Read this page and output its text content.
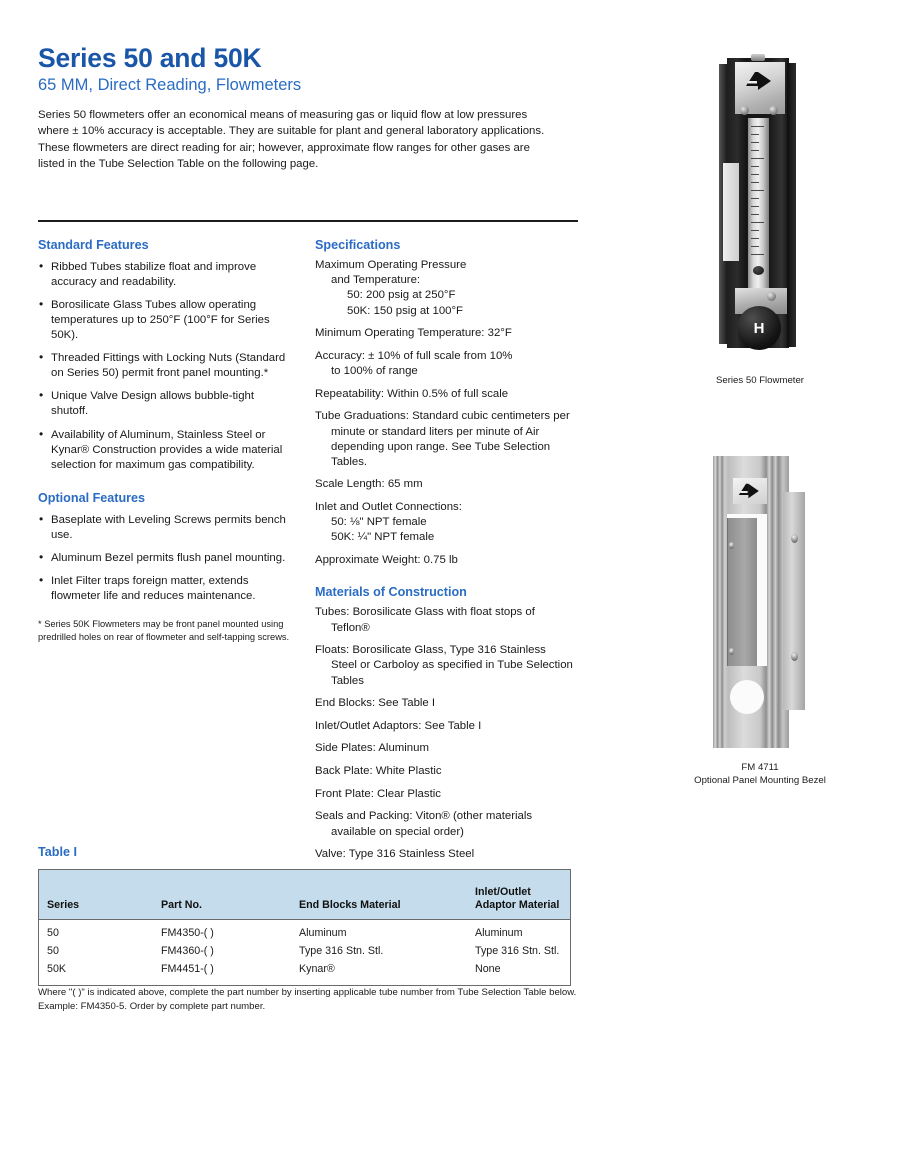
Series 50 and 50K
65 MM, Direct Reading, Flowmeters

Series 50 flowmeters offer an economical means of measuring gas or liquid flow at low pressures where ± 10% accuracy is acceptable. They are suitable for plant and general laboratory applications. These flowmeters are direct reading for air; however, approximate flow ranges for other gases are listed in the Tube Selection Table on the following page.

Standard Features
• Ribbed Tubes stabilize float and improve accuracy and readability.
• Borosilicate Glass Tubes allow operating temperatures up to 250°F (100°F for Series 50K).
• Threaded Fittings with Locking Nuts (Standard on Series 50) permit front panel mounting.*
• Unique Valve Design allows bubble-tight shutoff.
• Availability of Aluminum, Stainless Steel or Kynar® Construction provides a wide material selection for maximum gas compatibility.
Optional Features
• Baseplate with Leveling Screws permits bench use.
• Aluminum Bezel permits flush panel mounting.
• Inlet Filter traps foreign matter, extends flowmeter life and reduces maintenance.
* Series 50K Flowmeters may be front panel mounted using predrilled holes on rear of flowmeter and self-tapping screws.
Specifications
Maximum Operating Pressure
and Temperature:
50: 200 psig at 250°F
50K: 150 psig at 100°F
Minimum Operating Temperature: 32°F
Accuracy: ± 10% of full scale from 10%
to 100% of range
Repeatability: Within 0.5% of full scale
Tube Graduations: Standard cubic centimeters per minute or standard liters per minute of Air depending upon range. See Tube Selection Tables.
Scale Length: 65 mm
Inlet and Outlet Connections:
50: ⅛" NPT female
50K: ¼" NPT female
Approximate Weight: 0.75 lb
Materials of Construction
Tubes: Borosilicate Glass with float stops of Teflon®
Floats: Borosilicate Glass, Type 316 Stainless Steel or Carboloy as specified in Tube Selection Tables
End Blocks: See Table I
Inlet/Outlet Adaptors: See Table I
Side Plates: Aluminum
Back Plate: White Plastic
Front Plate: Clear Plastic
Seals and Packing: Viton® (other materials available on special order)
Valve: Type 316 Stainless Steel
Table I
Series	Part No.	End Blocks Material	Inlet/Outlet Adaptor Material
50	FM4350-( )	Aluminum	Aluminum
50	FM4360-( )	Type 316 Stn. Stl.	Type 316 Stn. Stl.
50K	FM4451-( )	Kynar®	None
Where "( )" is indicated above, complete the part number by inserting applicable tube number from Tube Selection Table below. Example: FM4350-5. Order by complete part number.
H
Series 50 Flowmeter
FM 4711
Optional Panel Mounting Bezel
